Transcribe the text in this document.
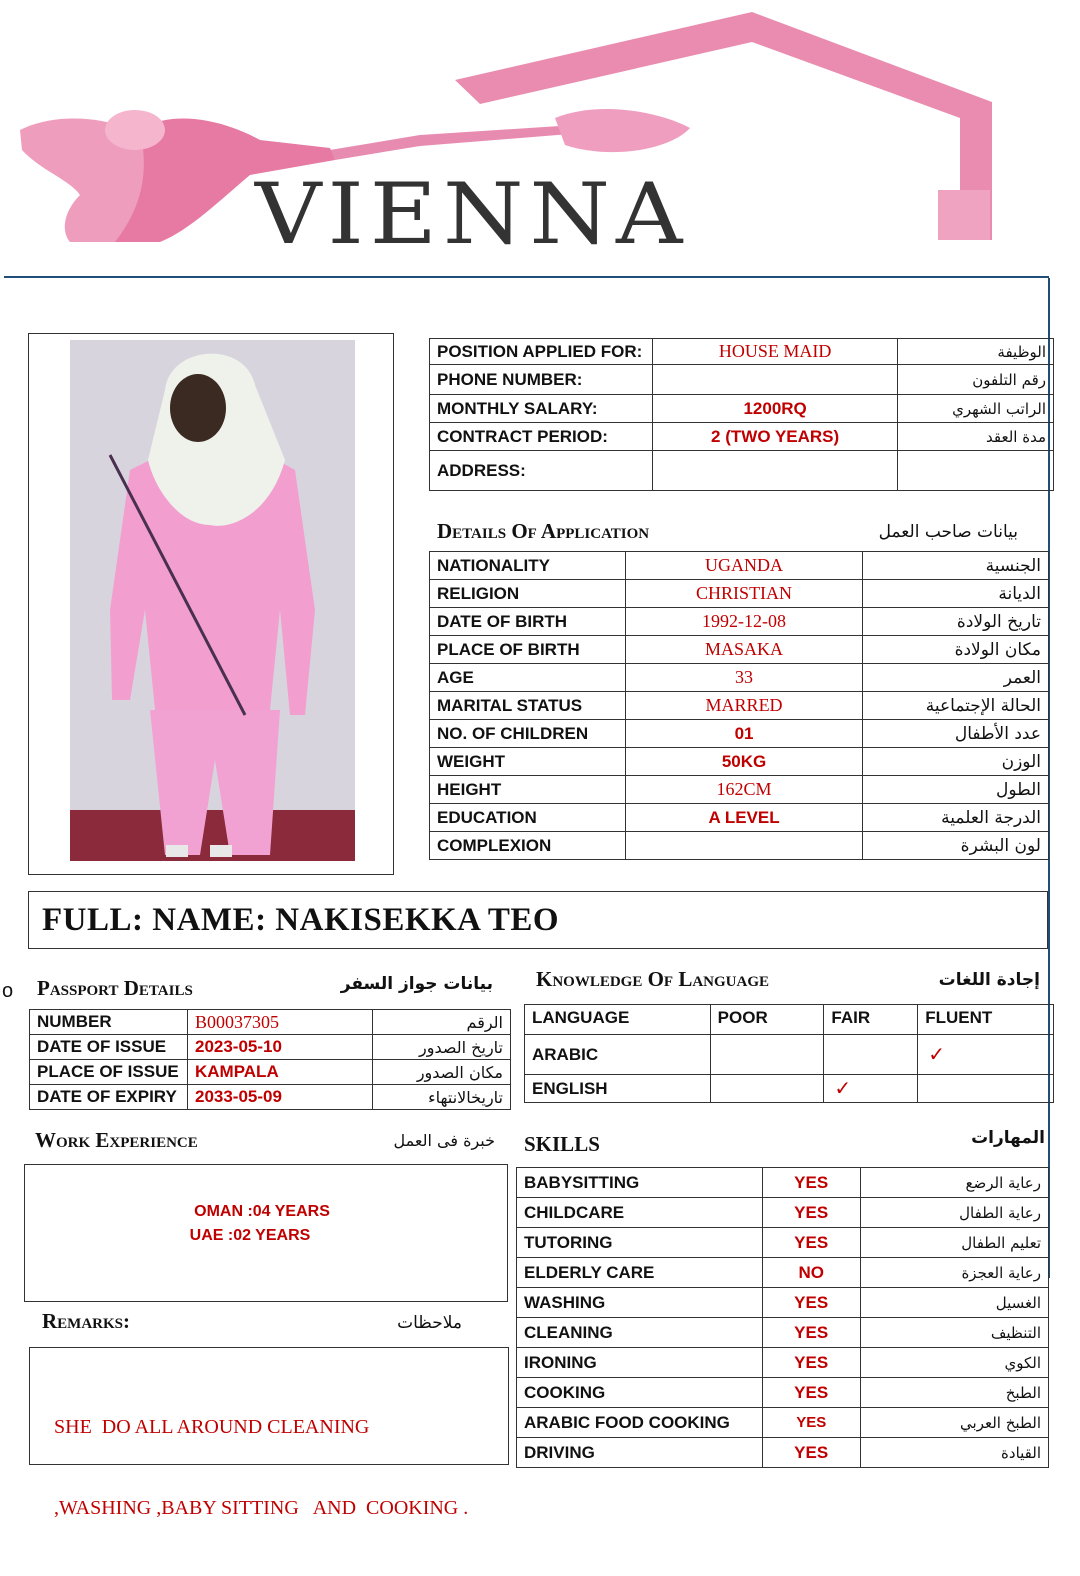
VIENNA
o
POSITION APPLIED FOR:	HOUSE MAID	الوظيفة
PHONE NUMBER:		رقم التلفون
MONTHLY SALARY:	1200RQ	الراتب الشهري
CONTRACT PERIOD:	2 (TWO YEARS)	مدة العقد
ADDRESS:		
Details Of Application	بيانات صاحب العمل
NATIONALITY	UGANDA	الجنسية
RELIGION	CHRISTIAN	الديانة
DATE OF BIRTH	1992-12-08	تاريخ الولادة
PLACE OF BIRTH	MASAKA	مكان الولادة
AGE	33	العمر
MARITAL STATUS	MARRED	الحالة الإجتماعية
NO. OF CHILDREN	01	عدد الأطفال
WEIGHT	50KG	الوزن
HEIGHT	162CM	الطول
EDUCATION	A LEVEL	الدرجة العلمية
COMPLEXION		لون البشرة
FULL: NAME: NAKISEKKA TEO
Passport Details	بيانات جواز السفر
NUMBER	B00037305	الرقم
DATE OF ISSUE	2023-05-10	تاريخ الصدور
PLACE OF ISSUE	KAMPALA	مكان الصدور
DATE OF EXPIRY	2033-05-09	تاريخالانتهاء
Knowledge Of Language	إجادة اللغات
LANGUAGE	POOR	FAIR	FLUENT
ARABIC			✓
ENGLISH		✓	
Work Experience	خبرة فى العمل
OMAN :04 YEARS
UAE :02 YEARS
Remarks:	ملاحظات

SHE  DO ALL AROUND CLEANING

,WASHING ,BABY SITTING   AND  COOKING .

SKILLS	المهارات
BABYSITTING	YES	رعاية الرضع
CHILDCARE	YES	رعاية الطفال
TUTORING	YES	تعليم الطفال
ELDERLY CARE	NO	رعاية العجزة
WASHING	YES	الغسيل
CLEANING	YES	التنظيف
IRONING	YES	الكوي
COOKING	YES	الطبخ
ARABIC FOOD COOKING	YES	الطبخ العربي
DRIVING	YES	القيادة
